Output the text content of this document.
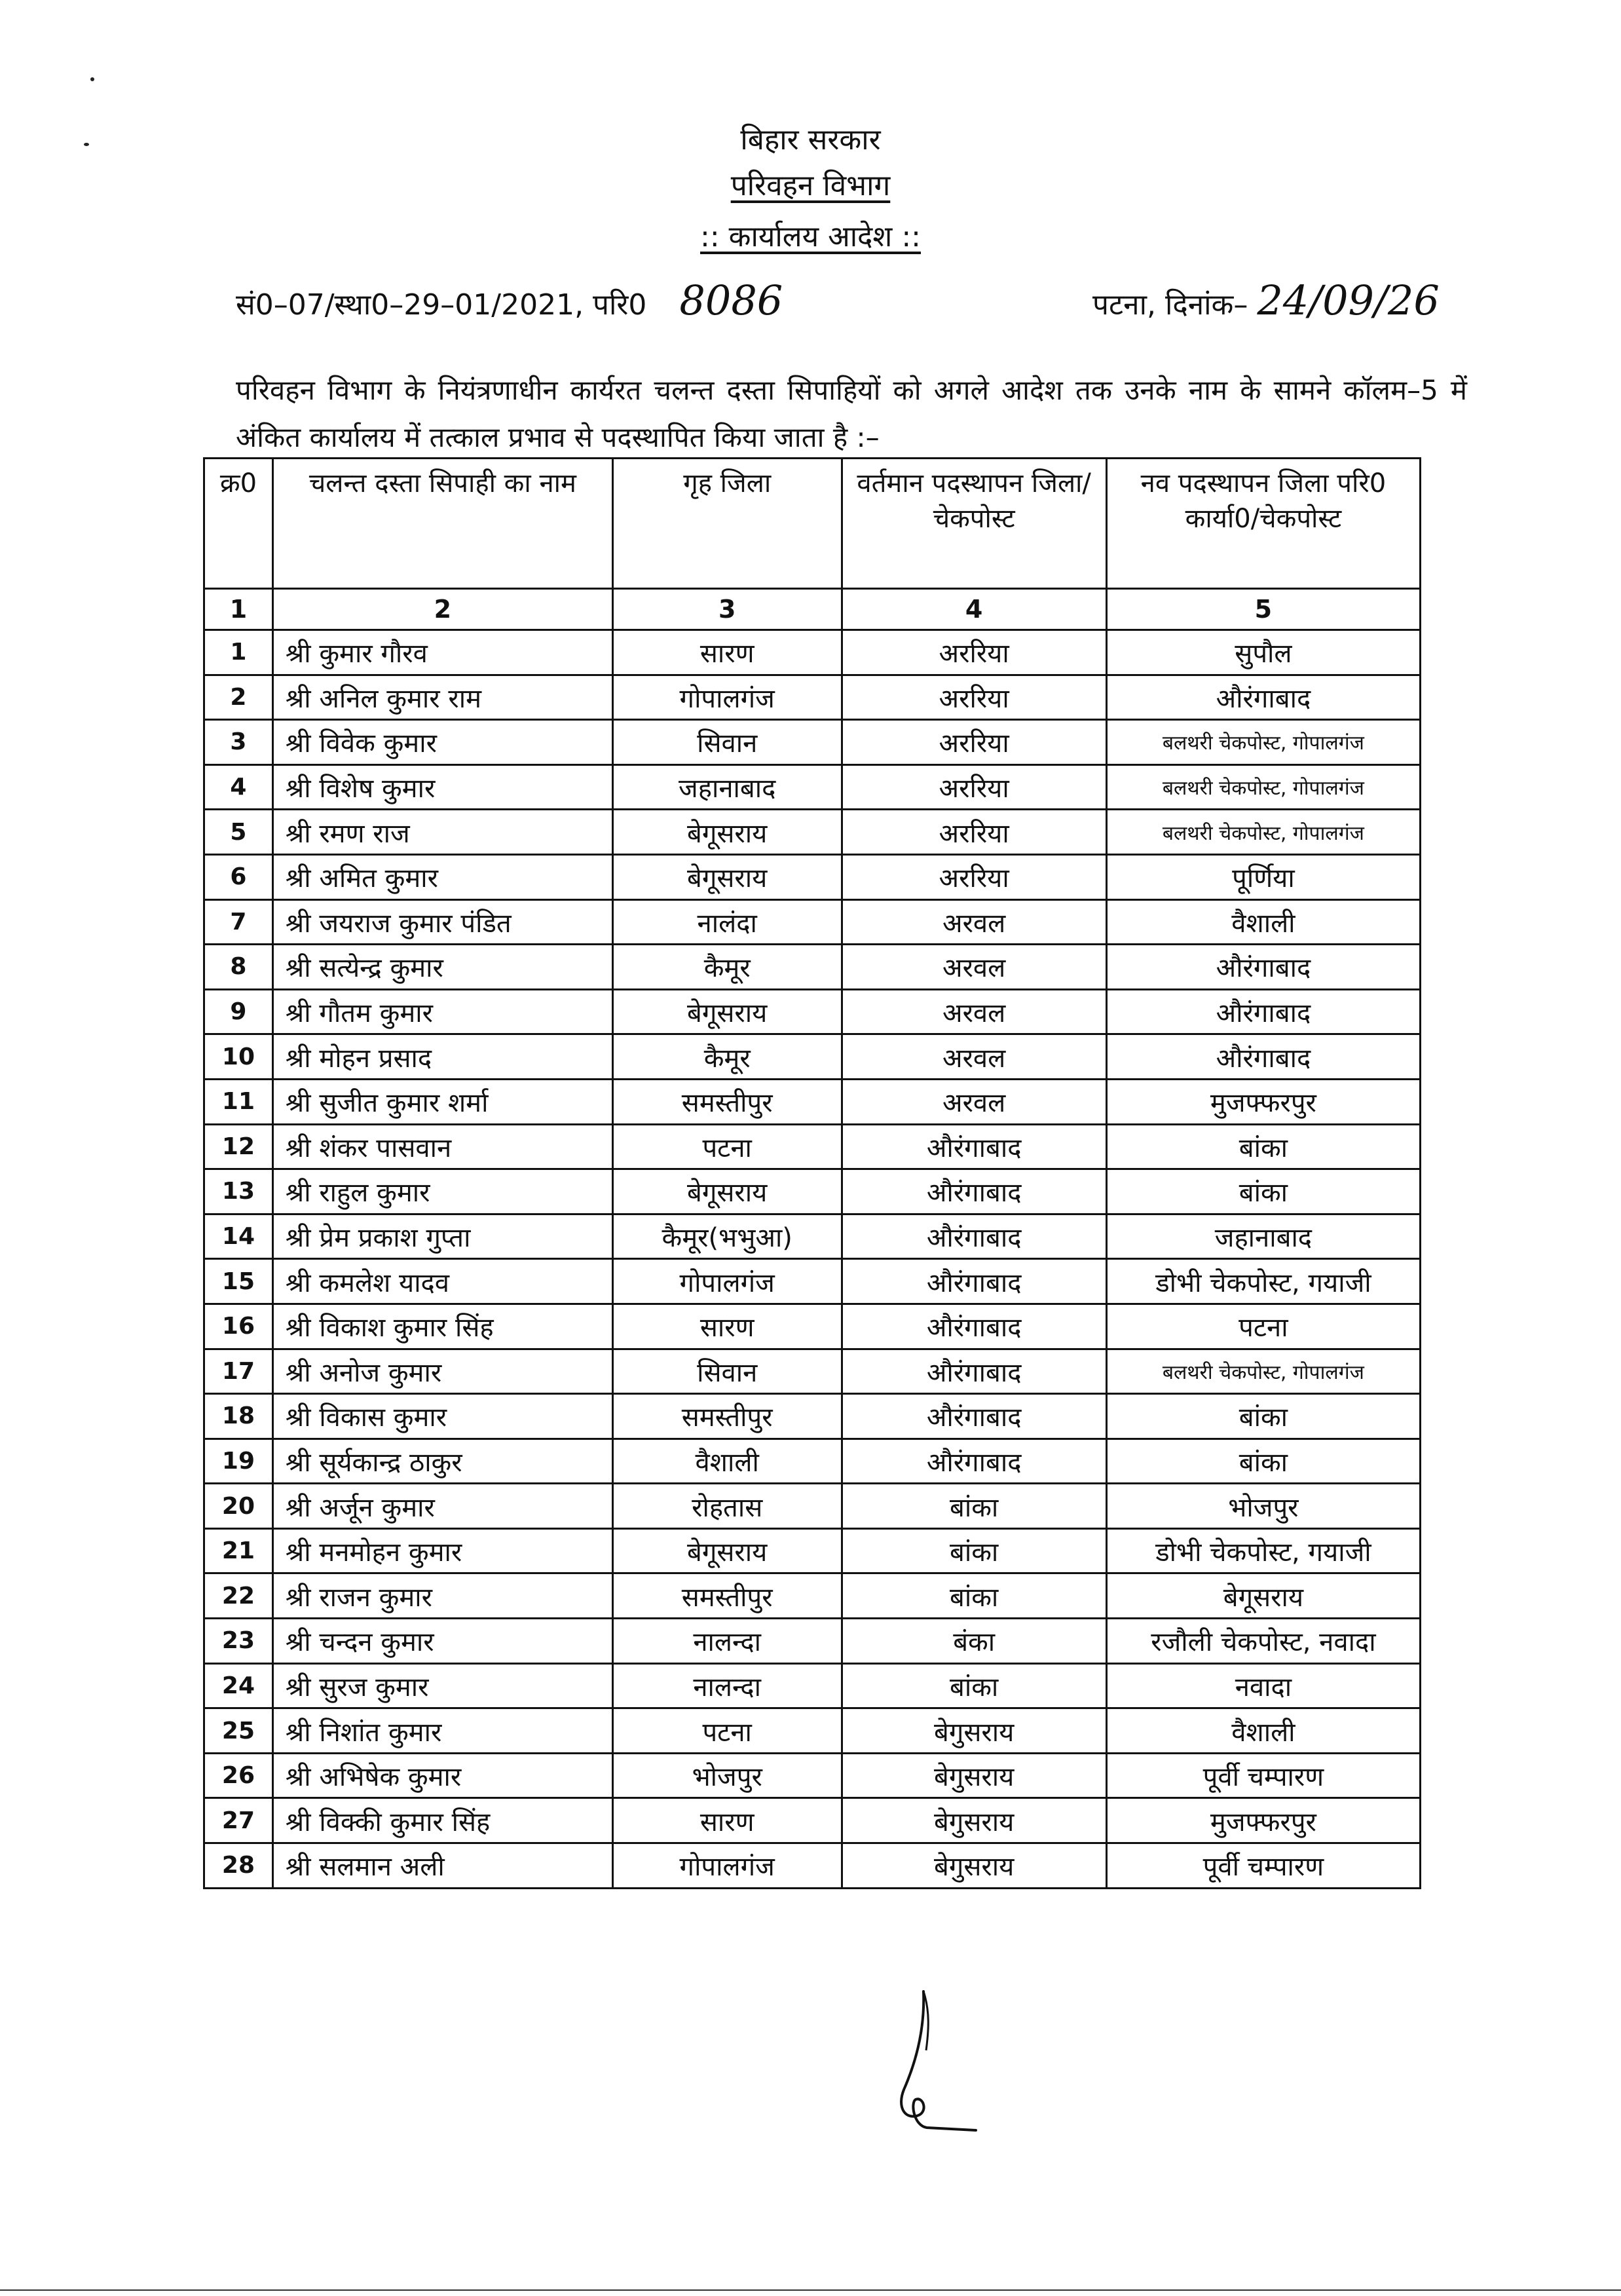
बिहार सरकार
परिवहन विभाग
:: कार्यालय आदेश ::
सं0–07/स्था0–29–01/2021, परि0 8086	पटना, दिनांक– 24/09/26
परिवहन विभाग के नियंत्रणाधीन कार्यरत चलन्त दस्ता सिपाहियों को अगले आदेश तक उनके नाम के सामने कॉलम–5 में अंकित कार्यालय में तत्काल प्रभाव से पदस्थापित किया जाता है :–
क्र0	चलन्त दस्ता सिपाही का नाम	गृह जिला	वर्तमान पदस्थापन जिला/चेकपोस्ट	नव पदस्थापन जिला परि0 कार्या0/चेकपोस्ट
1	2	3	4	5
1	श्री कुमार गौरव	सारण	अररिया	सुपौल
2	श्री अनिल कुमार राम	गोपालगंज	अररिया	औरंगाबाद
3	श्री विवेक कुमार	सिवान	अररिया	बलथरी चेकपोस्ट, गोपालगंज
4	श्री विशेष कुमार	जहानाबाद	अररिया	बलथरी चेकपोस्ट, गोपालगंज
5	श्री रमण राज	बेगूसराय	अररिया	बलथरी चेकपोस्ट, गोपालगंज
6	श्री अमित कुमार	बेगूसराय	अररिया	पूर्णिया
7	श्री जयराज कुमार पंडित	नालंदा	अरवल	वैशाली
8	श्री सत्येन्द्र कुमार	कैमूर	अरवल	औरंगाबाद
9	श्री गौतम कुमार	बेगूसराय	अरवल	औरंगाबाद
10	श्री मोहन प्रसाद	कैमूर	अरवल	औरंगाबाद
11	श्री सुजीत कुमार शर्मा	समस्तीपुर	अरवल	मुजफ्फरपुर
12	श्री शंकर पासवान	पटना	औरंगाबाद	बांका
13	श्री राहुल कुमार	बेगूसराय	औरंगाबाद	बांका
14	श्री प्रेम प्रकाश गुप्ता	कैमूर(भभुआ)	औरंगाबाद	जहानाबाद
15	श्री कमलेश यादव	गोपालगंज	औरंगाबाद	डोभी चेकपोस्ट, गयाजी
16	श्री विकाश कुमार सिंह	सारण	औरंगाबाद	पटना
17	श्री अनोज कुमार	सिवान	औरंगाबाद	बलथरी चेकपोस्ट, गोपालगंज
18	श्री विकास कुमार	समस्तीपुर	औरंगाबाद	बांका
19	श्री सूर्यकान्द्र ठाकुर	वैशाली	औरंगाबाद	बांका
20	श्री अर्जून कुमार	रोहतास	बांका	भोजपुर
21	श्री मनमोहन कुमार	बेगूसराय	बांका	डोभी चेकपोस्ट, गयाजी
22	श्री राजन कुमार	समस्तीपुर	बांका	बेगूसराय
23	श्री चन्दन कुमार	नालन्दा	बंका	रजौली चेकपोस्ट, नवादा
24	श्री सुरज कुमार	नालन्दा	बांका	नवादा
25	श्री निशांत कुमार	पटना	बेगुसराय	वैशाली
26	श्री अभिषेक कुमार	भोजपुर	बेगुसराय	पूर्वी चम्पारण
27	श्री विक्की कुमार सिंह	सारण	बेगुसराय	मुजफ्फरपुर
28	श्री सलमान अली	गोपालगंज	बेगुसराय	पूर्वी चम्पारण
